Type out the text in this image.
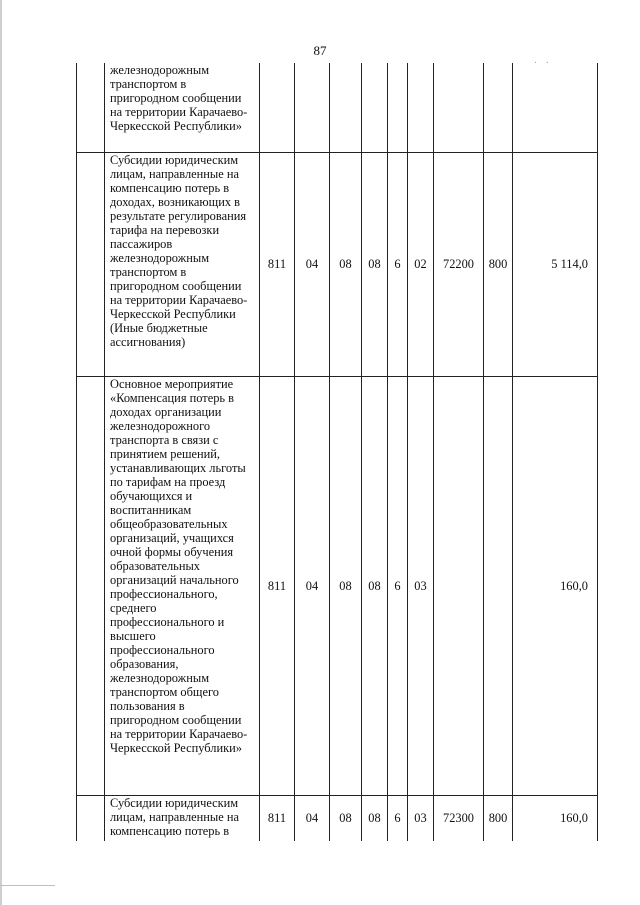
· ·
87
	железнодорожным транспортом в пригородном сообщении на территории Карачаево-Черкесской Республики»									
	Субсидии юридическим лицам, направленные на компенсацию потерь в доходах, возникающих в результате регулирования тарифа на перевозки пассажиров железнодорожным транспортом в пригородном сообщении на территории Карачаево-Черкесской Республики (Иные бюджетные ассигнования)	811	04	08	08	6	02	72200	800	5 114,0
	Основное мероприятие «Компенсация потерь в доходах организации железнодорожного транспорта в связи с принятием решений, устанавливающих льготы по тарифам на проезд обучающихся и воспитанникам общеобразовательных организаций, учащихся очной формы обучения образовательных организаций начального профессионального, среднего профессионального и высшего профессионального образования, железнодорожным транспортом общего пользования в пригородном сообщении на территории Карачаево-Черкесской Республики»	811	04	08	08	6	03			160,0
	Субсидии юридическим лицам, направленные на компенсацию потерь в	811	04	08	08	6	03	72300	800	160,0
